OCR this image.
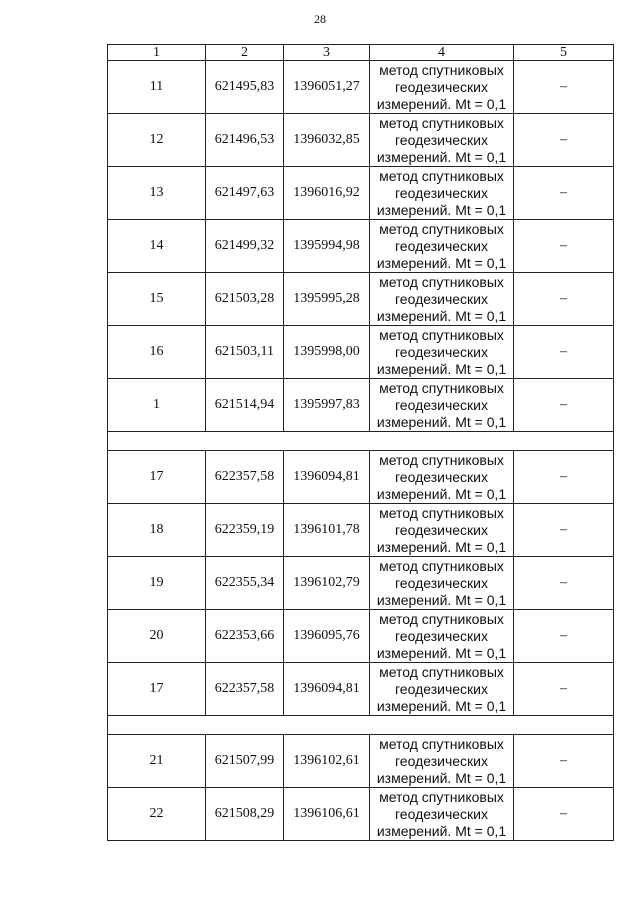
28
1	2	3	4	5
11	621495,83	1396051,27	метод спутниковых
геодезических
измерений. Mt = 0,1	–
12	621496,53	1396032,85	метод спутниковых
геодезических
измерений. Mt = 0,1	–
13	621497,63	1396016,92	метод спутниковых
геодезических
измерений. Mt = 0,1	–
14	621499,32	1395994,98	метод спутниковых
геодезических
измерений. Mt = 0,1	–
15	621503,28	1395995,28	метод спутниковых
геодезических
измерений. Mt = 0,1	–
16	621503,11	1395998,00	метод спутниковых
геодезических
измерений. Mt = 0,1	–
1	621514,94	1395997,83	метод спутниковых
геодезических
измерений. Mt = 0,1	–

17	622357,58	1396094,81	метод спутниковых
геодезических
измерений. Mt = 0,1	–
18	622359,19	1396101,78	метод спутниковых
геодезических
измерений. Mt = 0,1	–
19	622355,34	1396102,79	метод спутниковых
геодезических
измерений. Mt = 0,1	–
20	622353,66	1396095,76	метод спутниковых
геодезических
измерений. Mt = 0,1	–
17	622357,58	1396094,81	метод спутниковых
геодезических
измерений. Mt = 0,1	–

21	621507,99	1396102,61	метод спутниковых
геодезических
измерений. Mt = 0,1	–
22	621508,29	1396106,61	метод спутниковых
геодезических
измерений. Mt = 0,1	–
